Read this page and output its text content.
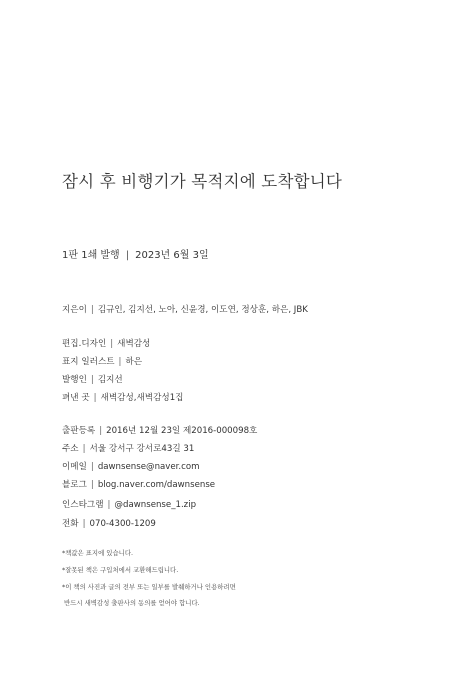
잠시 후 비행기가 목적지에 도착합니다
1판 1쇄 발행 | 2023년 6월 3일
지은이 | 김규인, 김지선, 노아, 신윤경, 이도연, 정상훈, 하은, JBK
편집.디자인 | 새벽감성
표지 일러스트 | 하은
발행인 | 김지선
펴낸 곳 | 새벽감성,새벽감성1집
출판등록 | 2016년 12월 23일 제2016-000098호
주소 | 서울 강서구 강서로43길 31
이메일 | dawnsense@naver.com
블로그 | blog.naver.com/dawnsense
인스타그램 | @dawnsense_1.zip
전화 | 070-4300-1209
*책값은 표지에 있습니다.
*잘못된 책은 구입처에서 교환해드립니다.
*이 책의 사진과 글의 전부 또는 일부를 발췌하거나 인용하려면
반드시 새벽감성 출판사의 동의를 얻어야 합니다.
